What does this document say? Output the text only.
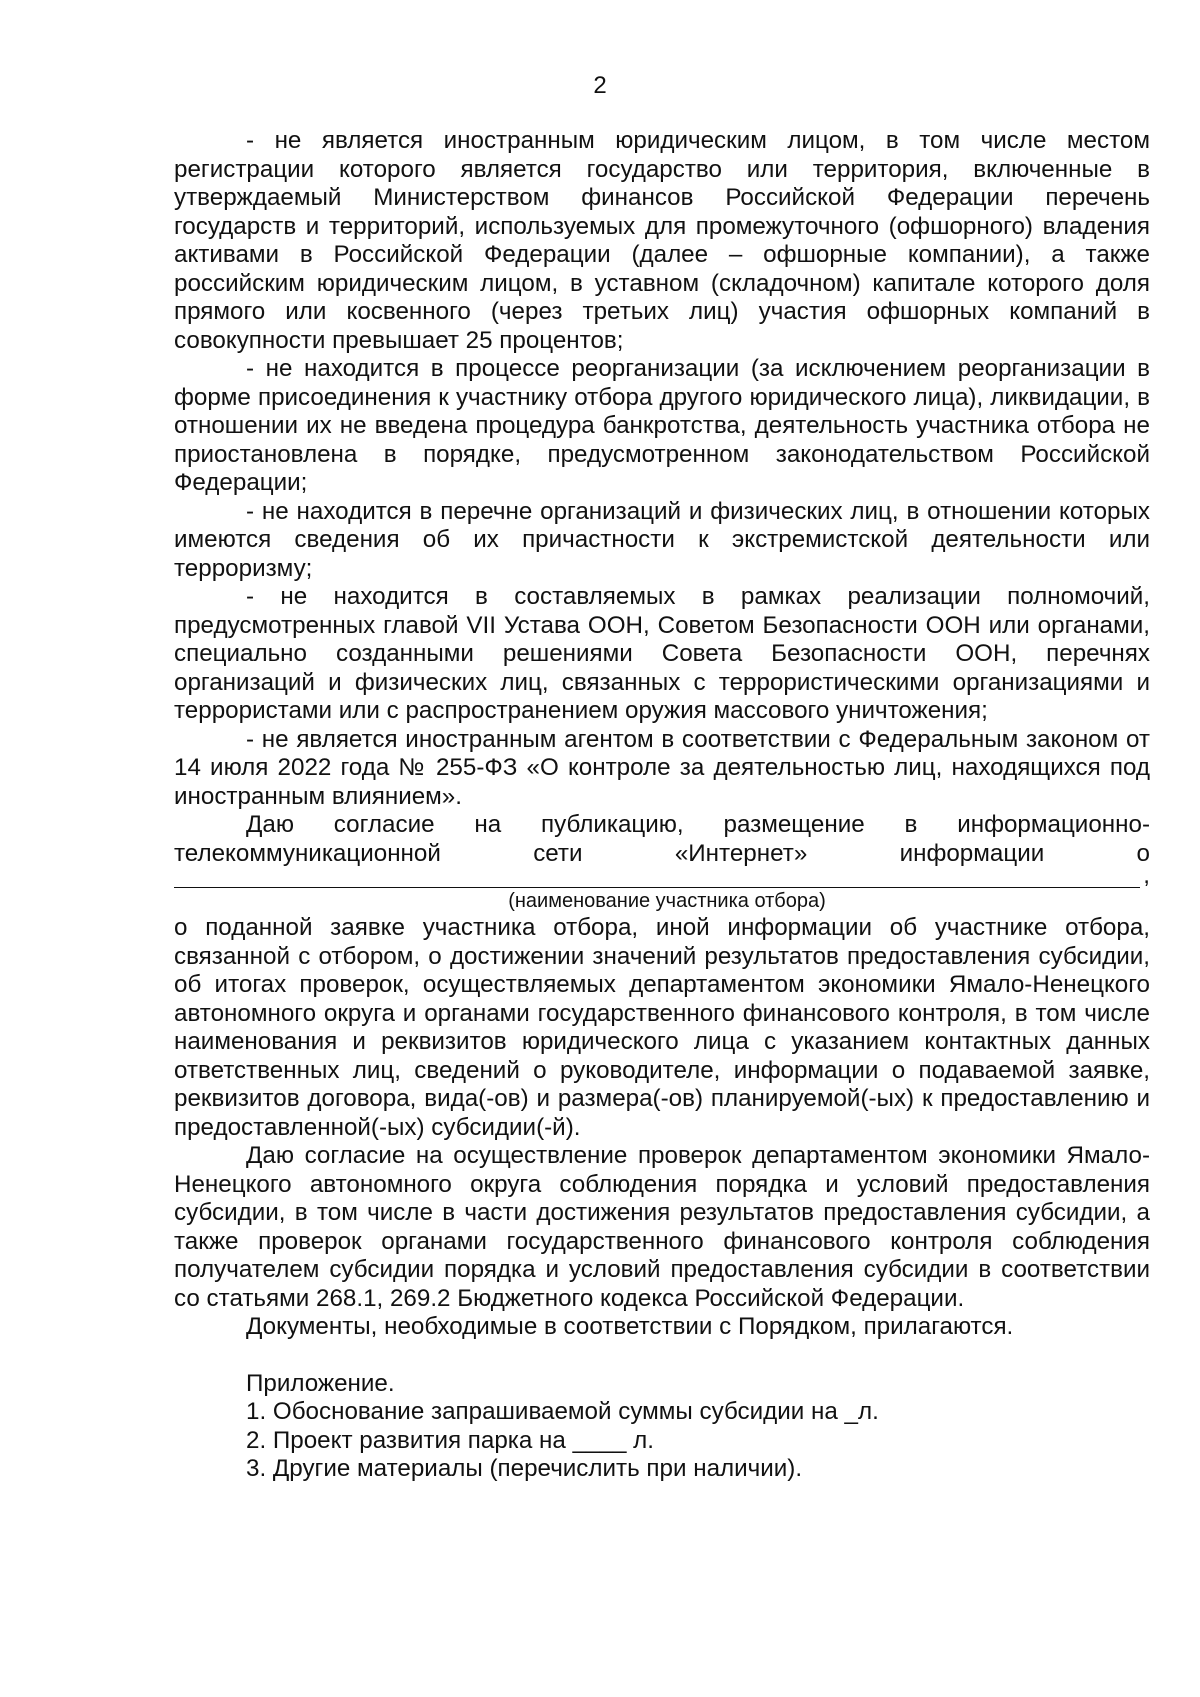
2

- не является иностранным юридическим лицом, в том числе местом регистрации которого является государство или территория, включенные в утверждаемый Министерством финансов Российской Федерации перечень государств и территорий, используемых для промежуточного (офшорного) владения активами в Российской Федерации (далее – офшорные компании), а также российским юридическим лицом, в уставном (складочном) капитале которого доля прямого или косвенного (через третьих лиц) участия офшорных компаний в совокупности превышает 25 процентов;

- не находится в процессе реорганизации (за исключением реорганизации в форме присоединения к участнику отбора другого юридического лица), ликвидации, в отношении их не введена процедура банкротства, деятельность участника отбора не приостановлена в порядке, предусмотренном законодательством Российской Федерации;

- не находится в перечне организаций и физических лиц, в отношении которых имеются сведения об их причастности к экстремистской деятельности или терроризму;

- не находится в составляемых в рамках реализации полномочий, предусмотренных главой VII Устава ООН, Советом Безопасности ООН или органами, специально созданными решениями Совета Безопасности ООН, перечнях организаций и физических лиц, связанных с террористическими организациями и террористами или с распространением оружия массового уничтожения;

- не является иностранным агентом в соответствии с Федеральным законом от 14 июля 2022 года № 255-ФЗ «О контроле за деятельностью лиц, находящихся под иностранным влиянием».

Даю согласие на публикацию, размещение в информационно-телекоммуникационной сети «Интернет» информации о

,
(наименование участника отбора)

о поданной заявке участника отбора, иной информации об участнике отбора, связанной с отбором, о достижении значений результатов предоставления субсидии, об итогах проверок, осуществляемых департаментом экономики Ямало-Ненецкого автономного округа и органами государственного финансового контроля, в том числе наименования и реквизитов юридического лица с указанием контактных данных ответственных лиц, сведений о руководителе, информации о подаваемой заявке, реквизитов договора, вида(-ов) и размера(-ов) планируемой(-ых) к предоставлению и предоставленной(-ых) субсидии(-й).

Даю согласие на осуществление проверок департаментом экономики Ямало-Ненецкого автономного округа соблюдения порядка и условий предоставления субсидии, в том числе в части достижения результатов предоставления субсидии, а также проверок органами государственного финансового контроля соблюдения получателем субсидии порядка и условий предоставления субсидии в соответствии со статьями 268.1, 269.2 Бюджетного кодекса Российской Федерации.

Документы, необходимые в соответствии с Порядком, прилагаются.

Приложение.

1. Обоснование запрашиваемой суммы субсидии на _л.

2. Проект развития парка на ____ л.

3. Другие материалы (перечислить при наличии).
